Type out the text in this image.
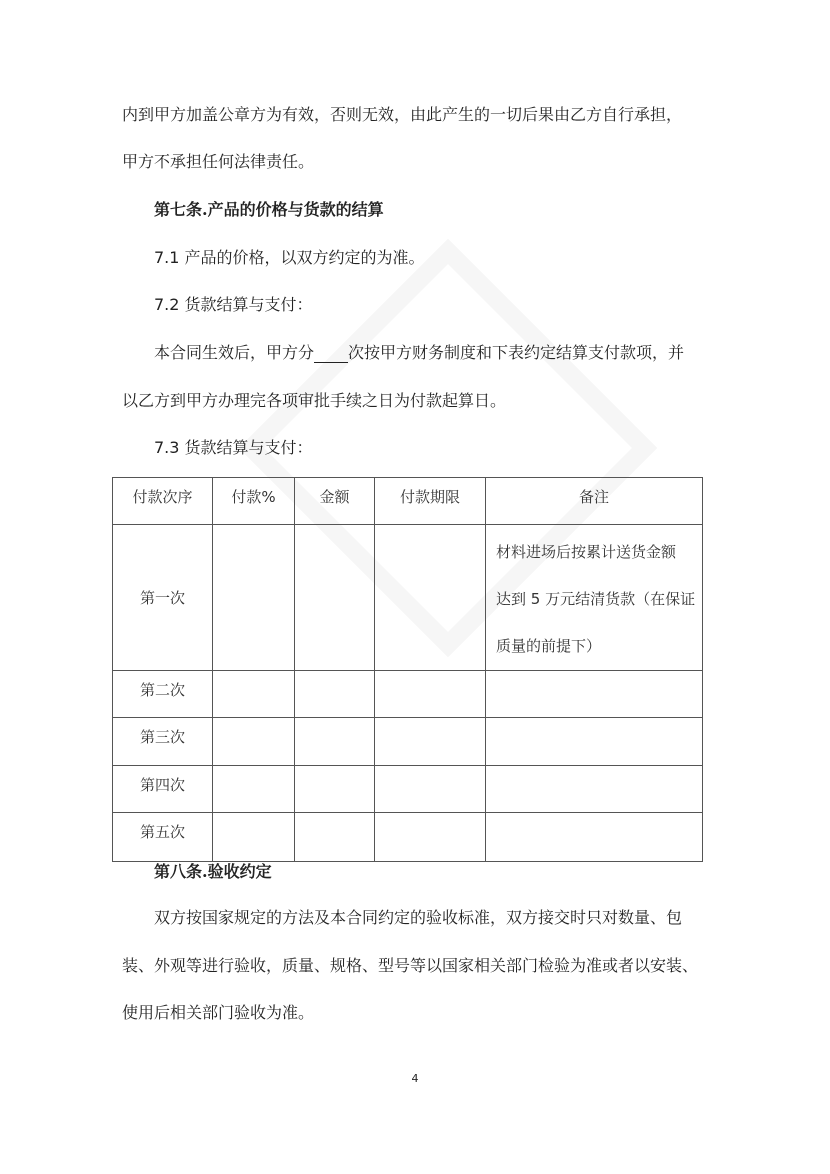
内到甲方加盖公章方为有效，否则无效，由此产生的一切后果由乙方自行承担，
甲方不承担任何法律责任。
第七条.产品的价格与货款的结算
7.1 产品的价格，以双方约定的为准。
7.2 货款结算与支付：
本合同生效后，甲方分 次按甲方财务制度和下表约定结算支付款项，并
以乙方到甲方办理完各项审批手续之日为付款起算日。
7.3 货款结算与支付：
付款次序	付款%	金额	付款期限	备注
第一次				材料进场后按累计送货金额

达到 5 万元结清货款（在保证

质量的前提下）

第二次				
第三次				
第四次				
第五次				
第八条.验收约定
双方按国家规定的方法及本合同约定的验收标准，双方接交时只对数量、包
装、外观等进行验收，质量、规格、型号等以国家相关部门检验为准或者以安装、
使用后相关部门验收为准。
4
